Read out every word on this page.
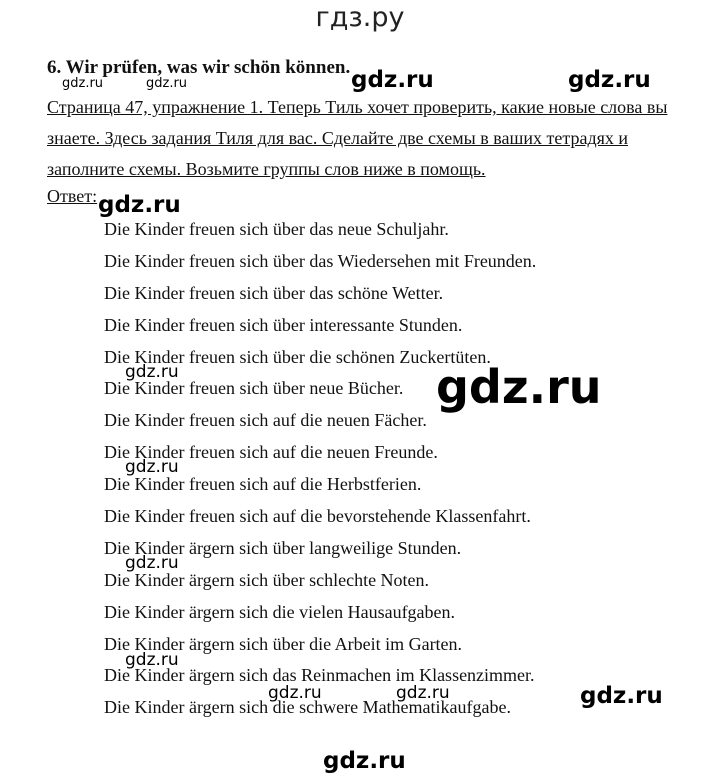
гдз.ру
6. Wir prüfen, was wir schön können.
Страница 47, упражнение 1. Теперь Тиль хочет проверить, какие новые слова вы знаете. Здесь задания Тиля для вас. Сделайте две схемы в ваших тетрадях и заполните схемы. Возьмите группы слов ниже в помощь.
Ответ:
Die Kinder freuen sich über das neue Schuljahr.
Die Kinder freuen sich über das Wiedersehen mit Freunden.
Die Kinder freuen sich über das schöne Wetter.
Die Kinder freuen sich über interessante Stunden.
Die Kinder freuen sich über die schönen Zuckertüten.
Die Kinder freuen sich über neue Bücher.
Die Kinder freuen sich auf die neuen Fächer.
Die Kinder freuen sich auf die neuen Freunde.
Die Kinder freuen sich auf die Herbstferien.
Die Kinder freuen sich auf die bevorstehende Klassenfahrt.
Die Kinder ärgern sich über langweilige Stunden.
Die Kinder ärgern sich über schlechte Noten.
Die Kinder ärgern sich die vielen Hausaufgaben.
Die Kinder ärgern sich über die Arbeit im Garten.
Die Kinder ärgern sich das Reinmachen im Klassenzimmer.
Die Kinder ärgern sich die schwere Mathematikaufgabe.
gdz.ru	gdz.ru	gdz.ru	gdz.ru
gdz.ru
gdz.ru	gdz.ru
gdz.ru
gdz.ru
gdz.ru
gdz.ru	gdz.ru	gdz.ru
gdz.ru
